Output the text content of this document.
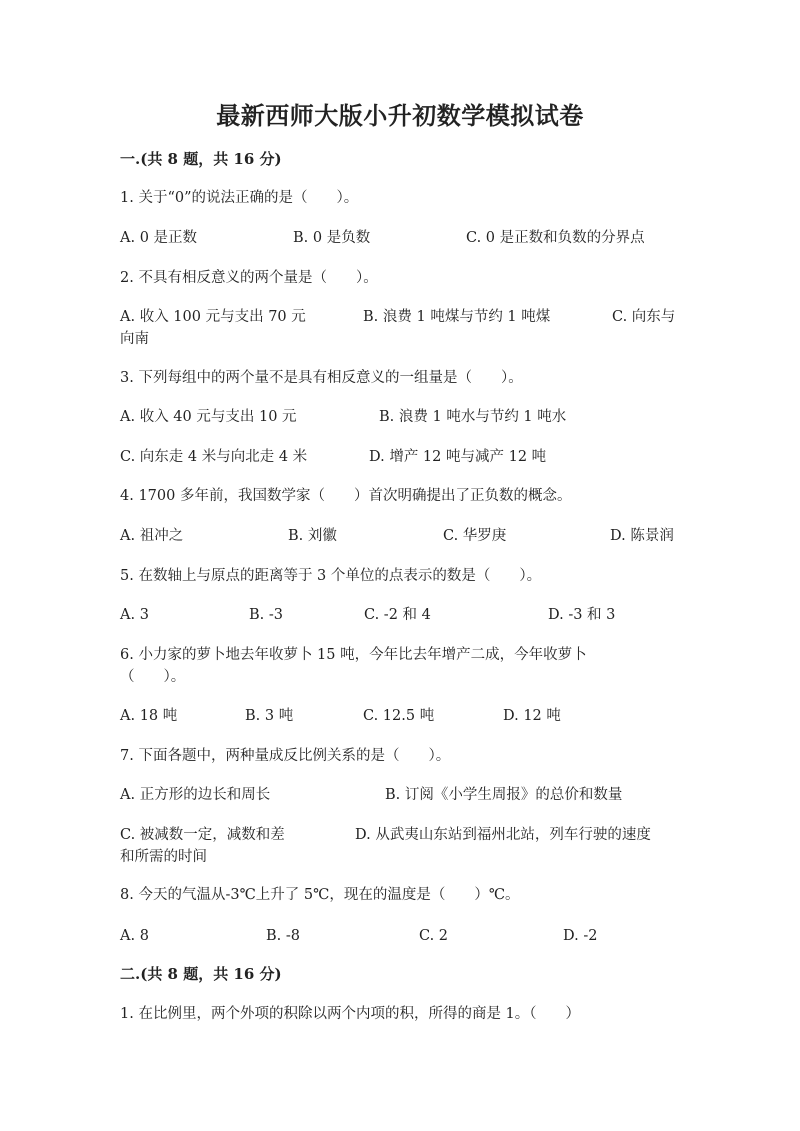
最新西师大版小升初数学模拟试卷
一.(共 8 题，共 16 分)
1. 关于“0”的说法正确的是（　　）。
A. 0 是正数	B. 0 是负数	C. 0 是正数和负数的分界点
2. 不具有相反意义的两个量是（　　）。
A. 收入 100 元与支出 70 元	B. 浪费 1 吨煤与节约 1 吨煤	C. 向东与
向南
3. 下列每组中的两个量不是具有相反意义的一组量是（　　）。
A. 收入 40 元与支出 10 元	B. 浪费 1 吨水与节约 1 吨水
C. 向东走 4 米与向北走 4 米	D. 增产 12 吨与减产 12 吨
4. 1700 多年前，我国数学家（　　）首次明确提出了正负数的概念。
A. 祖冲之	B. 刘徽	C. 华罗庚	D. 陈景润
5. 在数轴上与原点的距离等于 3 个单位的点表示的数是（　　）。
A. 3	B. -3	C. -2 和 4	D. -3 和 3
6. 小力家的萝卜地去年收萝卜 15 吨，今年比去年增产二成，今年收萝卜
（　　）。
A. 18 吨	B. 3 吨	C. 12.5 吨	D. 12 吨
7. 下面各题中，两种量成反比例关系的是（　　）。
A. 正方形的边长和周长	B. 订阅《小学生周报》的总价和数量
C. 被减数一定，减数和差	D. 从武夷山东站到福州北站，列车行驶的速度
和所需的时间
8. 今天的气温从-3℃上升了 5℃，现在的温度是（　　）℃。
A. 8	B. -8	C. 2	D. -2
二.(共 8 题，共 16 分)
1. 在比例里，两个外项的积除以两个内项的积，所得的商是 1。（　　）
